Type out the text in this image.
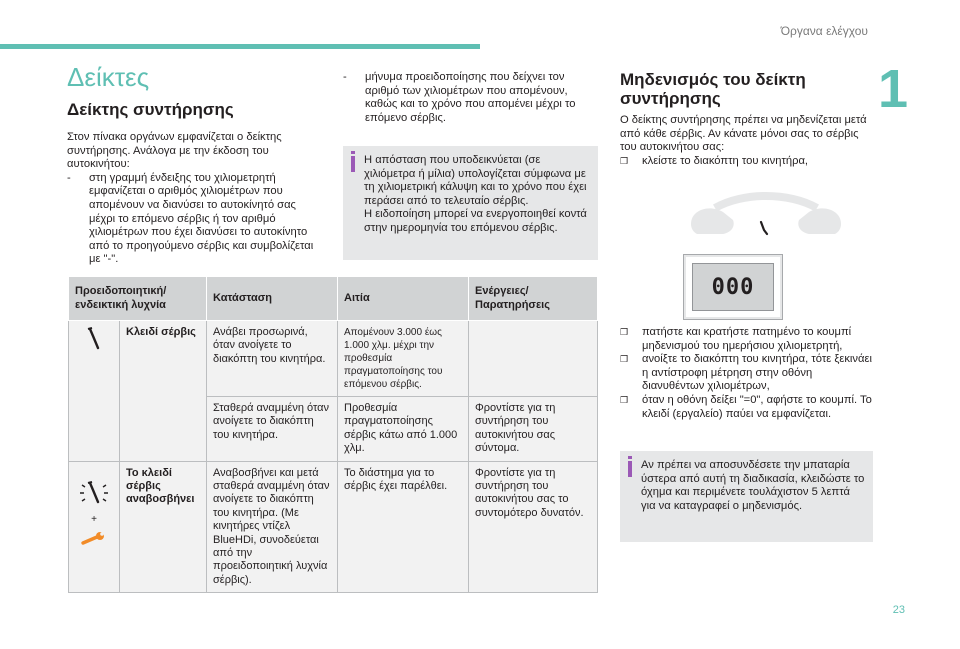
Όργανα ελέγχου
1
23
Δείκτες
Δείκτης συντήρησης
Στον πίνακα οργάνων εμφανίζεται ο δείκτης συντήρησης. Ανάλογα με την έκδοση του αυτοκινήτου:
-	στη γραμμή ένδειξης του χιλιομετρητή εμφανίζεται ο αριθμός χιλιομέτρων που απομένουν να διανύσει το αυτοκίνητό σας μέχρι το επόμενο σέρβις ή τον αριθμό χιλιομέτρων που έχει διανύσει το αυτοκίνητο από το προηγούμενο σέρβις και συμβολίζεται με "-".
-	μήνυμα προειδοποίησης που δείχνει τον αριθμό των χιλιομέτρων που απομένουν, καθώς και το χρόνο που απομένει μέχρι το επόμενο σέρβις.
Η απόσταση που υποδεικνύεται (σε χιλιόμετρα ή μίλια) υπολογίζεται σύμφωνα με τη χιλιομετρική κάλυψη και το χρόνο που έχει περάσει από το τελευταίο σέρβις.
Η ειδοποίηση μπορεί να ενεργοποιηθεί κοντά στην ημερομηνία του επόμενου σέρβις.
Προειδοποιητική/ ενδεικτική λυχνία		Κατάσταση	Αιτία	Ενέργειες/Παρατηρήσεις
	Κλειδί σέρβις	Ανάβει προσωρινά, όταν ανοίγετε το διακόπτη του κινητήρα.	Απομένουν 3.000 έως 1.000 χλμ. μέχρι την προθεσμία πραγματοποίησης του επόμενου σέρβις.	
		Σταθερά αναμμένη όταν ανοίγετε το διακόπτη του κινητήρα.	Προθεσμία πραγματοποίησης σέρβις κάτω από 1.000 χλμ.	Φροντίστε για τη συντήρηση του αυτοκινήτου σας σύντομα.

+	Το κλειδί σέρβις αναβοσβήνει	Αναβοσβήνει και μετά σταθερά αναμμένη όταν ανοίγετε το διακόπτη του κινητήρα. (Με κινητήρες ντίζελ BlueHDi, συνοδεύεται από την προειδοποιητική λυχνία σέρβις).	Το διάστημα για το σέρβις έχει παρέλθει.	Φροντίστε για τη συντήρηση του αυτοκινήτου σας το συντομότερο δυνατόν.
Μηδενισμός του δείκτη συντήρησης
Ο δείκτης συντήρησης πρέπει να μηδενίζεται μετά από κάθε σέρβις. Αν κάνατε μόνοι σας το σέρβις του αυτοκινήτου σας:
❒	κλείστε το διακόπτη του κινητήρα,
000
❒	πατήστε και κρατήστε πατημένο το κουμπί μηδενισμού του ημερήσιου χιλιομετρητή,
❒	ανοίξτε το διακόπτη του κινητήρα, τότε ξεκινάει η αντίστροφη μέτρηση στην οθόνη διανυθέντων χιλιομέτρων,
❒	όταν η οθόνη δείξει "=0", αφήστε το κουμπί. Το κλειδί (εργαλείο) παύει να εμφανίζεται.
Αν πρέπει να αποσυνδέσετε την μπαταρία ύστερα από αυτή τη διαδικασία, κλειδώστε το όχημα και περιμένετε τουλάχιστον 5 λεπτά για να καταγραφεί ο μηδενισμός.
